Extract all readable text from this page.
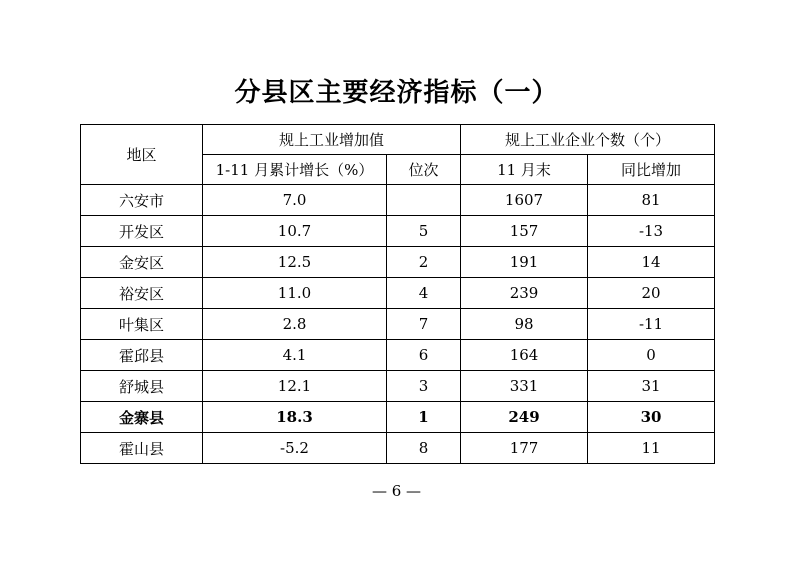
分县区主要经济指标（一）
地区	规上工业增加值		规上工业企业个数（个）	
	1-11 月累计增长（%）	位次	11 月末	同比增加
六安市	7.0		1607	81
开发区	10.7	5	157	-13
金安区	12.5	2	191	14
裕安区	11.0	4	239	20
叶集区	2.8	7	98	-11
霍邱县	4.1	6	164	0
舒城县	12.1	3	331	31
金寨县	18.3	1	249	30
霍山县	-5.2	8	177	11
— 6 —
